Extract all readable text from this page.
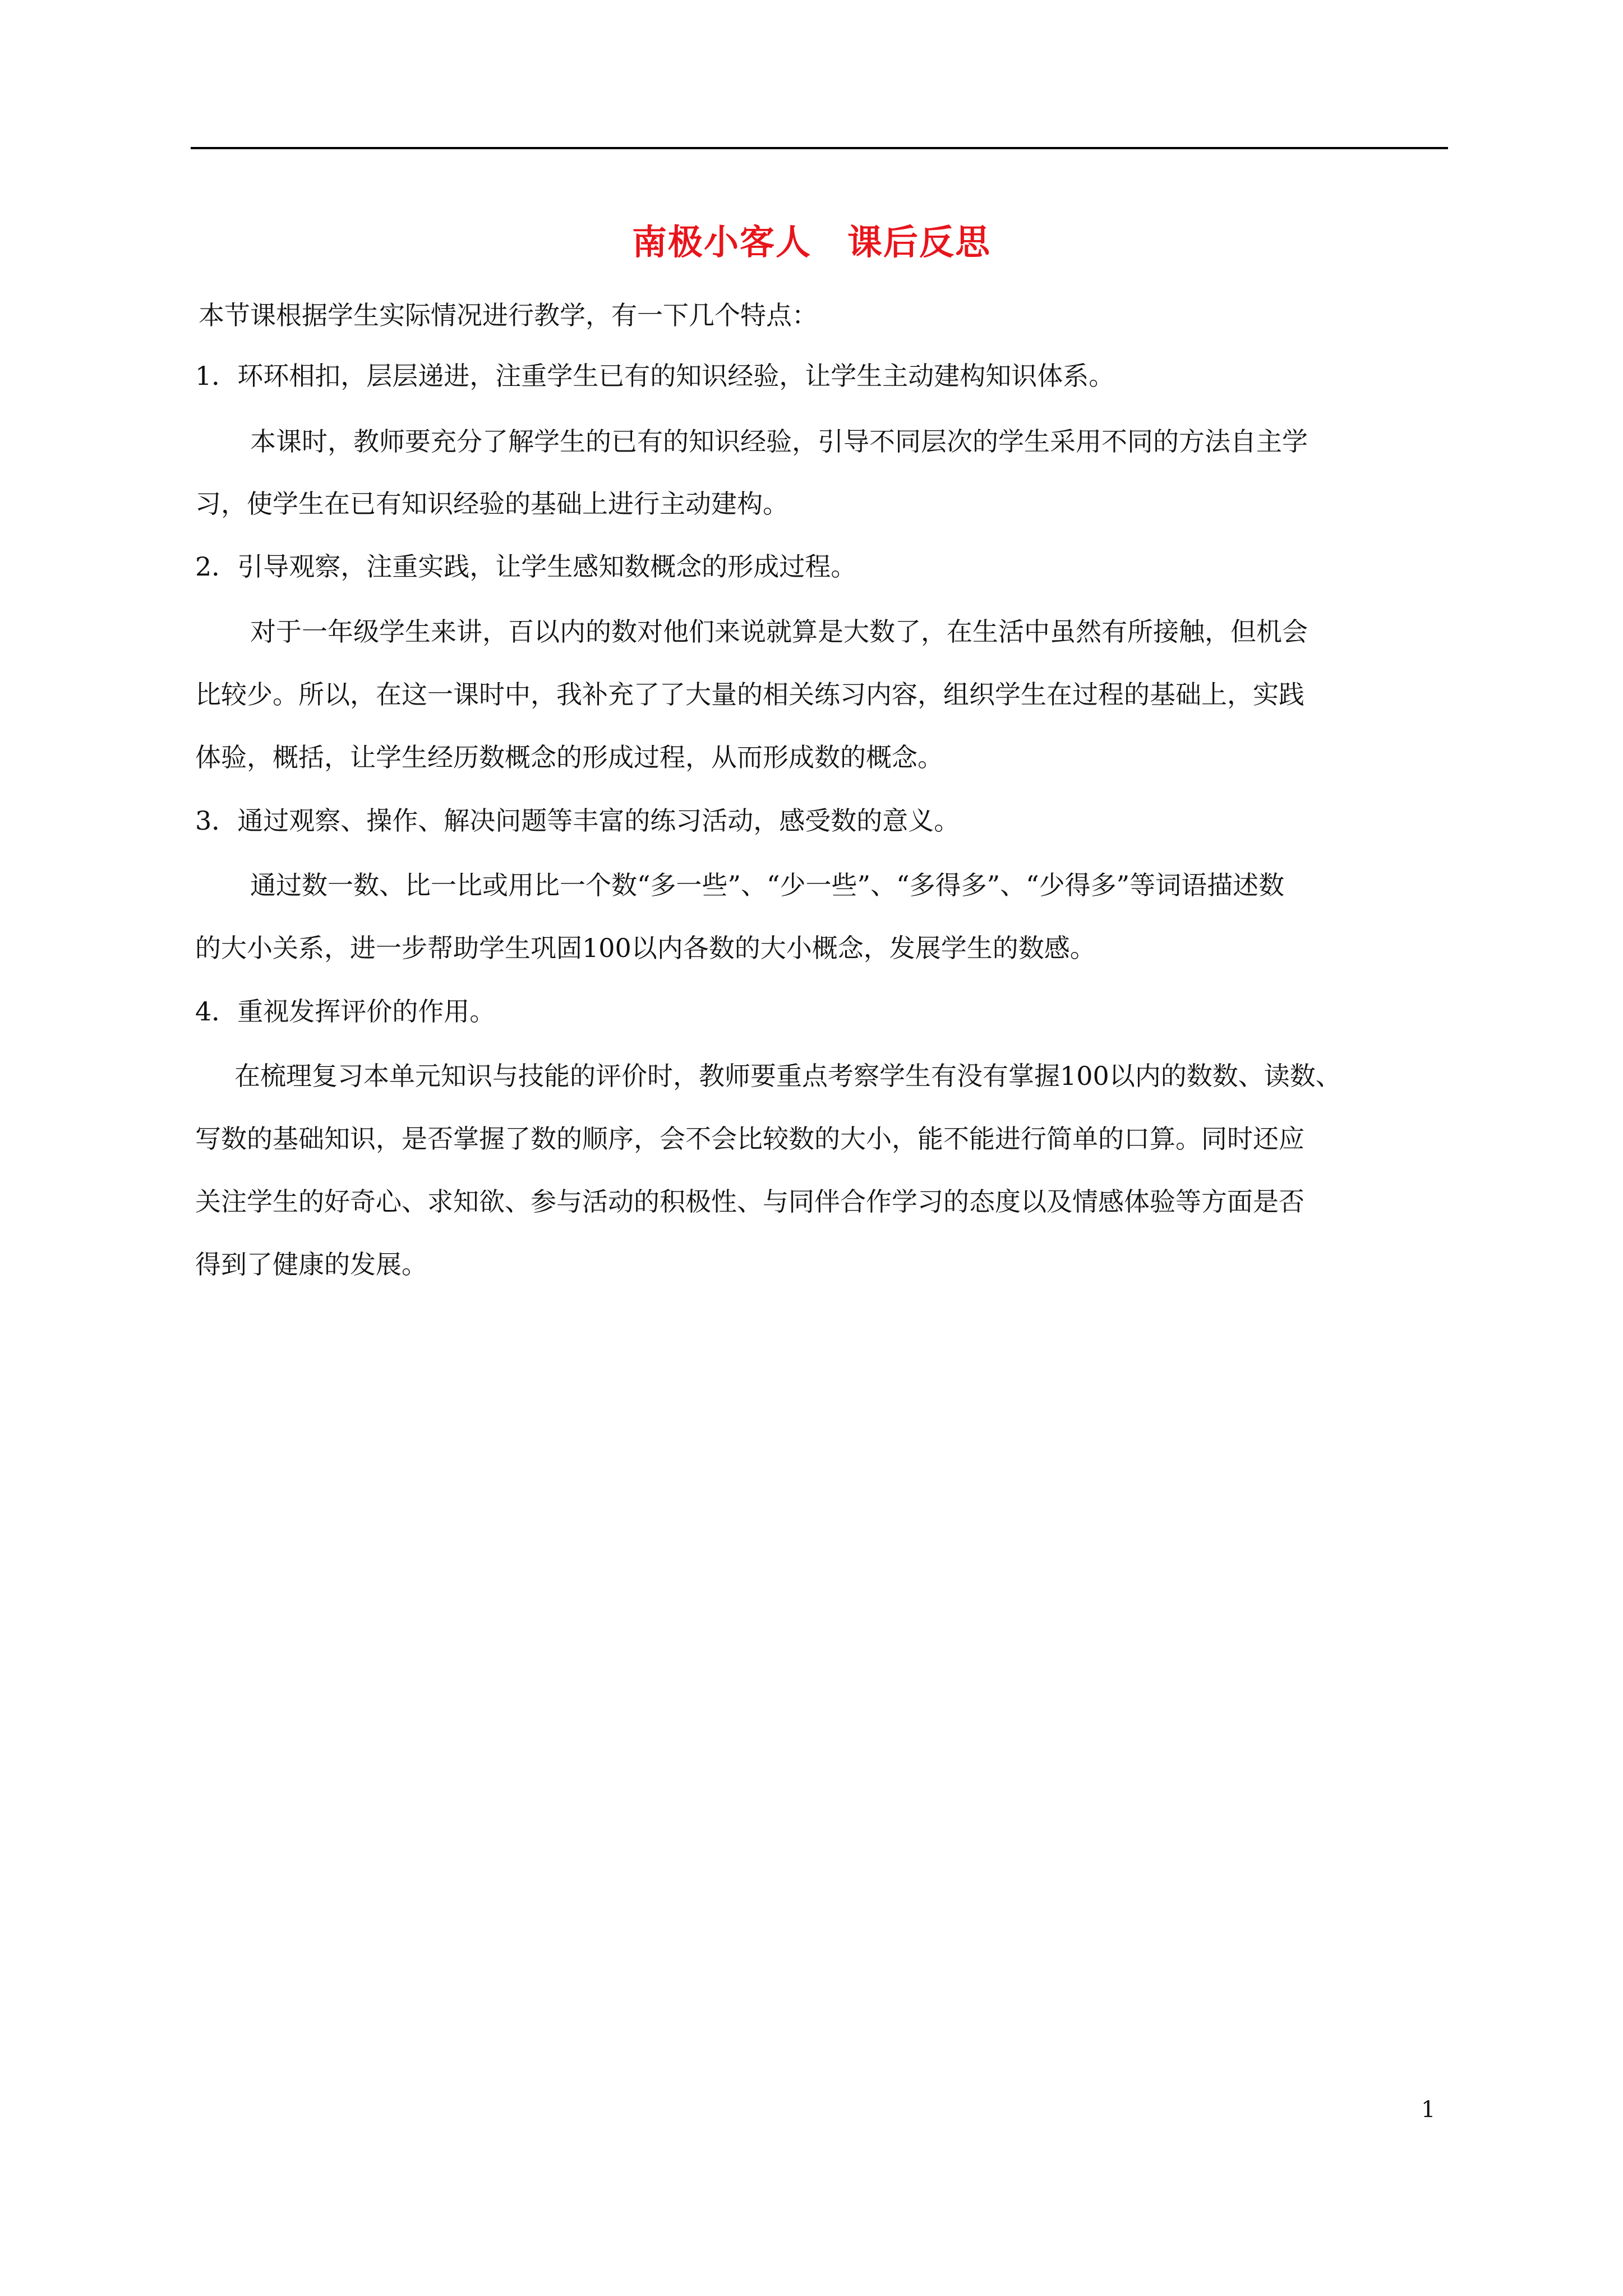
南极小客人　课后反思
本节课根据学生实际情况进行教学，有一下几个特点：
1．环环相扣，层层递进，注重学生已有的知识经验，让学生主动建构知识体系。
本课时，教师要充分了解学生的已有的知识经验，引导不同层次的学生采用不同的方法自主学
习，使学生在已有知识经验的基础上进行主动建构。
2．引导观察，注重实践，让学生感知数概念的形成过程。
对于一年级学生来讲，百以内的数对他们来说就算是大数了，在生活中虽然有所接触，但机会
比较少。所以，在这一课时中，我补充了了大量的相关练习内容，组织学生在过程的基础上，实践
体验，概括，让学生经历数概念的形成过程，从而形成数的概念。
3．通过观察、操作、解决问题等丰富的练习活动，感受数的意义。
通过数一数、比一比或用比一个数“多一些”、“少一些”、“多得多”、“少得多”等词语描述数
的大小关系，进一步帮助学生巩固100以内各数的大小概念，发展学生的数感。
4．重视发挥评价的作用。
在梳理复习本单元知识与技能的评价时，教师要重点考察学生有没有掌握100以内的数数、读数、
写数的基础知识，是否掌握了数的顺序，会不会比较数的大小，能不能进行简单的口算。同时还应
关注学生的好奇心、求知欲、参与活动的积极性、与同伴合作学习的态度以及情感体验等方面是否
得到了健康的发展。
1
